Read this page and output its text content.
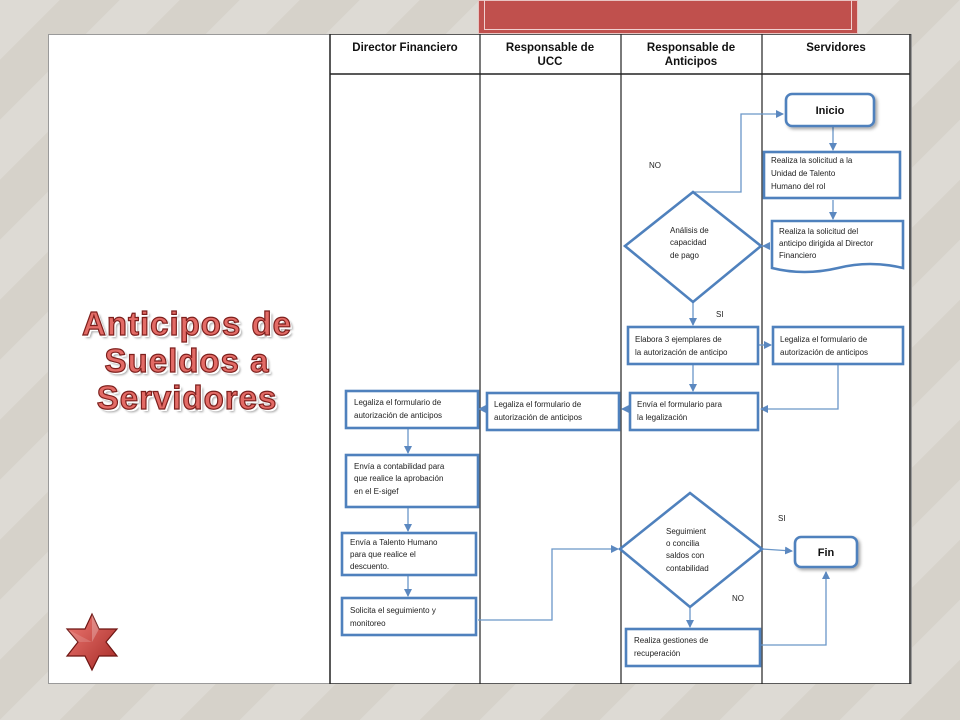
Anticipos de
Sueldos a
Servidores
Director Financiero	Responsable de
UCC
Responsable de
Anticipos
Servidores
Inicio
Realiza la solicitud a la
Unidad de Talento
Humano del rol
Realiza la solicitud del
anticipo dirigida al Director
Financiero
Análisis de
capacidad
de pago
NO
SI
Elabora 3 ejemplares de
la autorización de anticipo
Legaliza el formulario de
autorización de anticipos
Envía el formulario para
la legalización
Legaliza el formulario de
autorización de anticipos
Legaliza el formulario de
autorización de anticipos
Envía a contabilidad para
que realice la aprobación
en el E-sigef
Envía a Talento Humano
para que realice el
descuento.
Solicita el seguimiento y
monitoreo
Seguimient
o concilia
saldos con
contabilidad
SI
NO
Fin
Realiza gestiones de
recuperación
